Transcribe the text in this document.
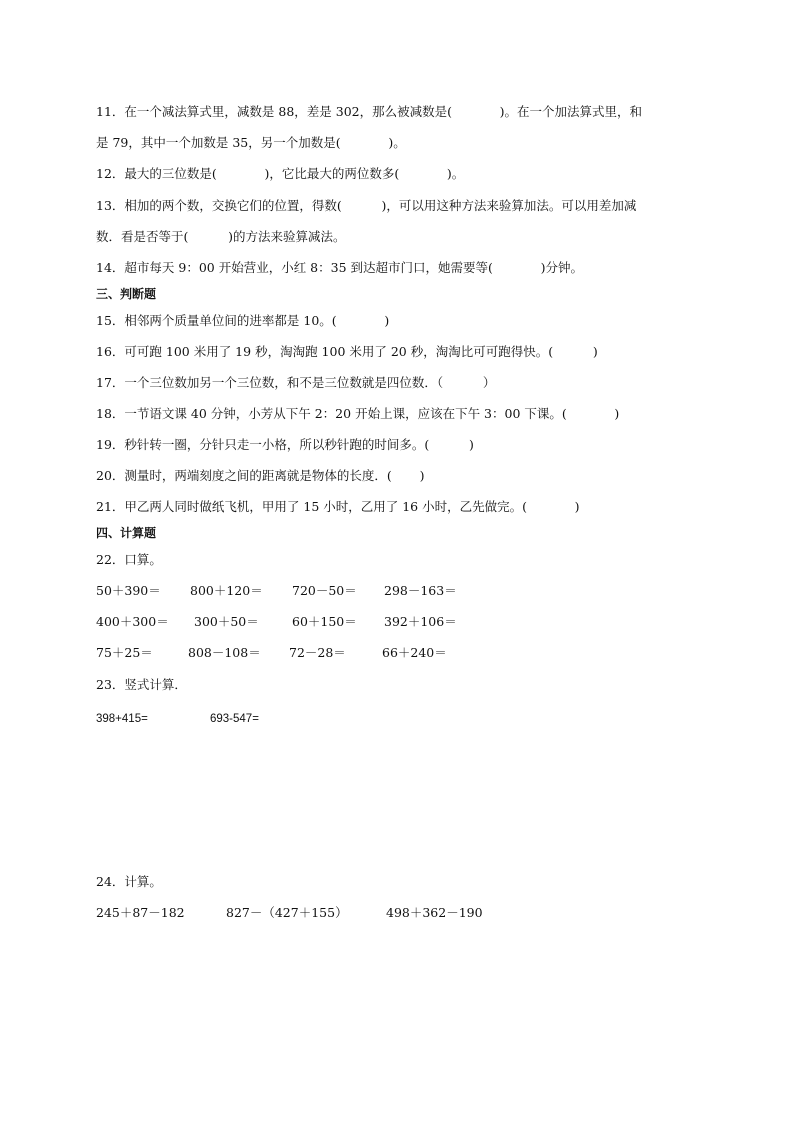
11．在一个减法算式里，减数是 88，差是 302，那么被减数是(            )。在一个加法算式里，和
是 79，其中一个加数是 35，另一个加数是(            )。
12．最大的三位数是(            )，它比最大的两位数多(            )。
13．相加的两个数，交换它们的位置，得数(          )，可以用这种方法来验算加法。可以用差加减
数．看是否等于(          )的方法来验算减法。
14．超市每天 9：00 开始营业，小红 8：35 到达超市门口，她需要等(            )分钟。
三、判断题
15．相邻两个质量单位间的进率都是 10。(            )
16．可可跑 100 米用了 19 秒，淘淘跑 100 米用了 20 秒，淘淘比可可跑得快。(          )
17．一个三位数加另一个三位数，和不是三位数就是四位数．（          ）
18．一节语文课 40 分钟，小芳从下午 2：20 开始上课，应该在下午 3：00 下课。(            )
19．秒针转一圈，分针只走一小格，所以秒针跑的时间多。(          )
20．测量时，两端刻度之间的距离就是物体的长度．(       )
21．甲乙两人同时做纸飞机，甲用了 15 小时，乙用了 16 小时，乙先做完。(            )
四、计算题
22．口算。
50＋390＝ 800＋120＝ 720－50＝ 298－163＝
400＋300＝ 300＋50＝	60＋150＝ 392＋106＝
75＋25＝	808－108＝ 72－28＝	66＋240＝
23．竖式计算．
398+415=	693-547=
24．计算。
245＋87－182	827－（427＋155）	498＋362－190
